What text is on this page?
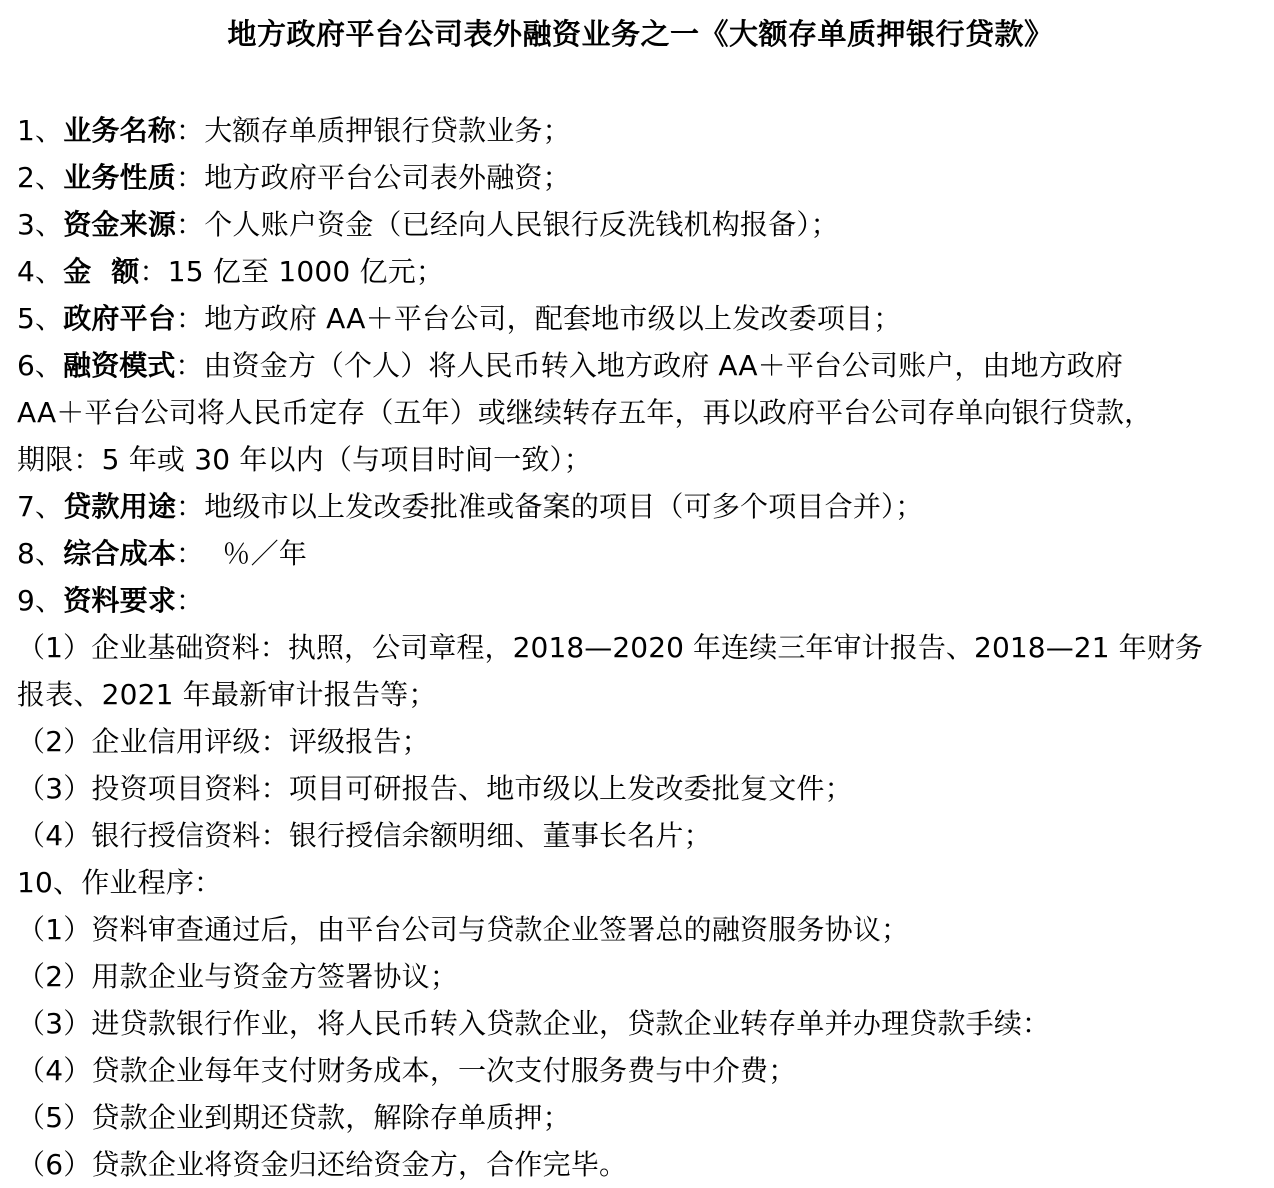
地方政府平台公司表外融资业务之一《大额存单质押银行贷款》
1、业务名称：大额存单质押银行贷款业务；
2、业务性质：地方政府平台公司表外融资；
3、资金来源：个人账户资金（已经向人民银行反洗钱机构报备）；
4、金  额：15 亿至 1000 亿元；
5、政府平台：地方政府 AA＋平台公司，配套地市级以上发改委项目；
6、融资模式：由资金方（个人）将人民币转入地方政府 AA＋平台公司账户，由地方政府
AA＋平台公司将人民币定存（五年）或继续转存五年，再以政府平台公司存单向银行贷款，
期限：5 年或 30 年以内（与项目时间一致）；
7、贷款用途：地级市以上发改委批准或备案的项目（可多个项目合并）；
8、综合成本：  ％／年
9、资料要求：
（1）企业基础资料：执照，公司章程，2018—2020 年连续三年审计报告、2018—21 年财务
报表、2021 年最新审计报告等；
（2）企业信用评级：评级报告；
（3）投资项目资料：项目可研报告、地市级以上发改委批复文件；
（4）银行授信资料：银行授信余额明细、董事长名片；
10、作业程序：
（1）资料审查通过后，由平台公司与贷款企业签署总的融资服务协议；
（2）用款企业与资金方签署协议；
（3）进贷款银行作业，将人民币转入贷款企业，贷款企业转存单并办理贷款手续：
（4）贷款企业每年支付财务成本，一次支付服务费与中介费；
（5）贷款企业到期还贷款，解除存单质押；
（6）贷款企业将资金归还给资金方，合作完毕。
